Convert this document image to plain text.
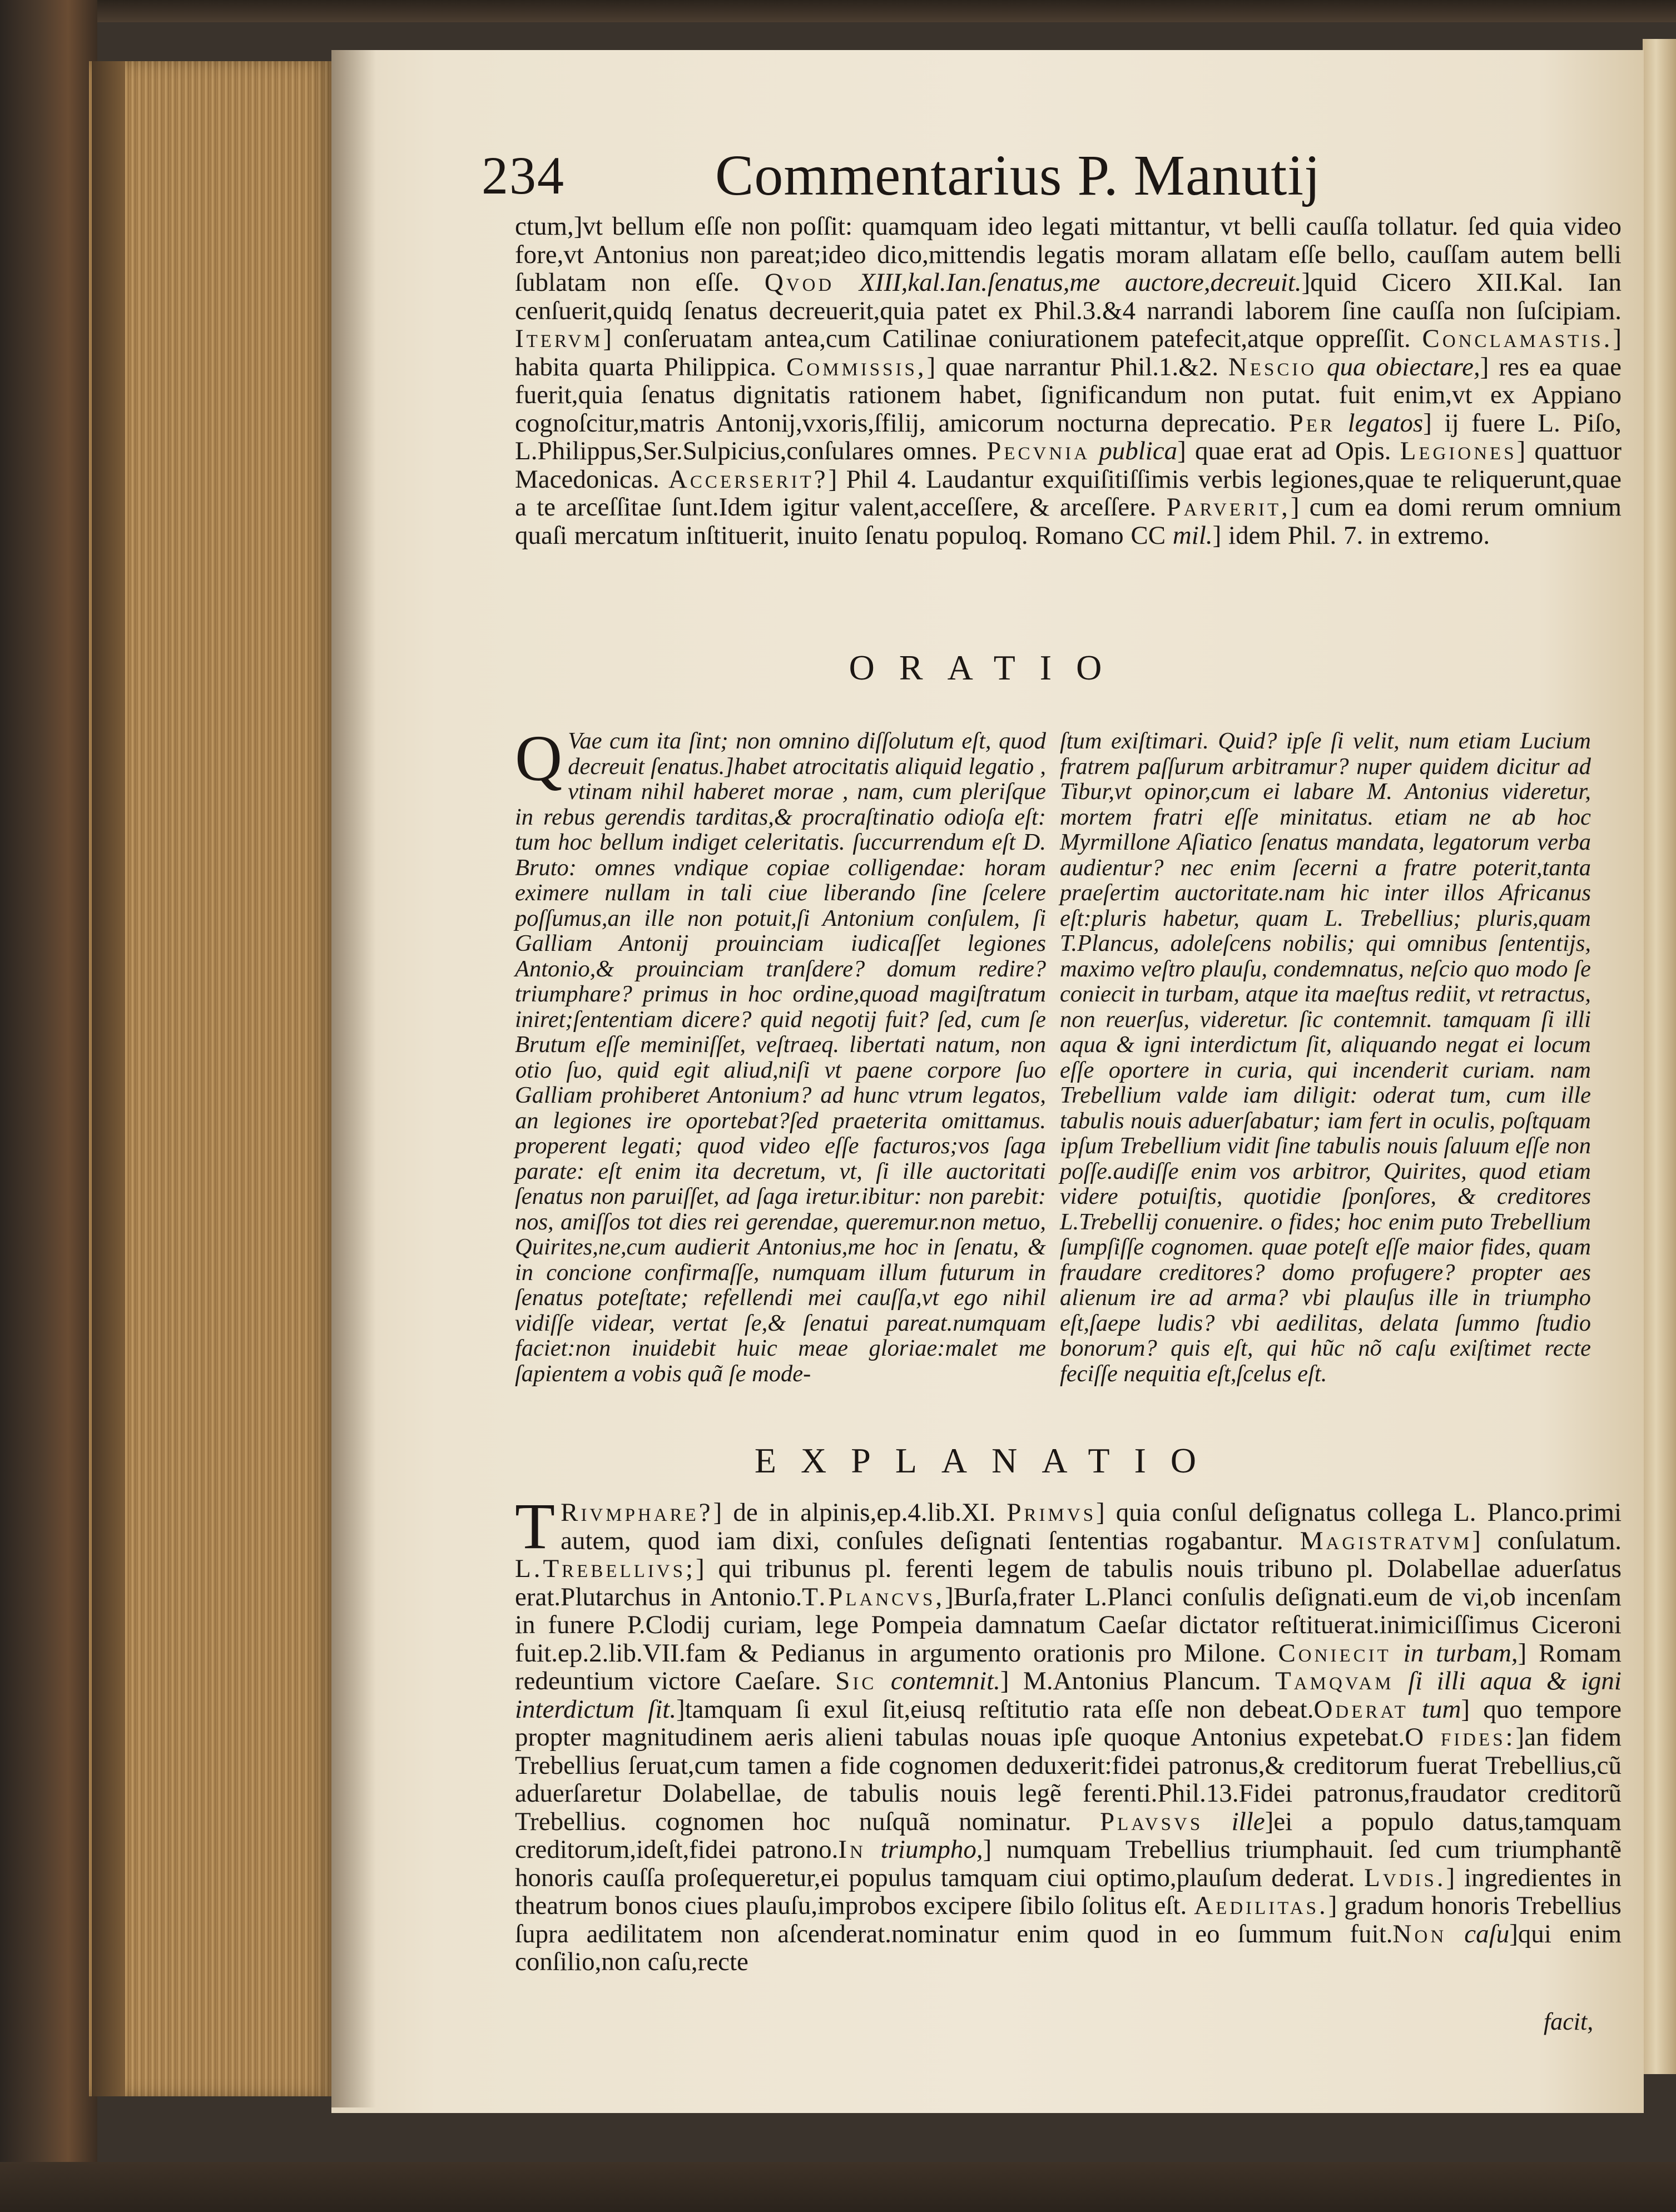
234	Commentarius P. Manutij
ctum,]vt bellum eſſe non poſſit: quamquam ideo legati mittantur, vt belli cauſſa tollatur. ſed quia video fore,vt Antonius non pareat;ideo dico,mittendis legatis moram allatam eſſe bello, cauſſam autem belli ſublatam non eſſe. Qvod XIII,kal.Ian.ſenatus,me auctore,decreuit.]quid Cicero XII.Kal. Ian cenſuerit,quidq ſenatus decreuerit,quia patet ex Phil.3.&4 narrandi laborem ſine cauſſa non ſuſcipiam. Itervm] conſeruatam antea,cum Catilinae coniurationem patefecit,atque oppreſſit. Conclamastis.] habita quarta Philippica. Commissis,] quae narrantur Phil.1.&2. Nescio qua obiectare,] res ea quae fuerit,quia ſenatus dignitatis rationem habet, ſignificandum non putat. fuit enim,vt ex Appiano cognoſcitur,matris Antonij,vxoris,ſfilij, amicorum nocturna deprecatio. Per legatos] ij fuere L. Piſo, L.Philippus,Ser.Sulpicius,conſulares omnes. Pecvnia publica] quae erat ad Opis. Legiones] quattuor Macedonicas. Accerserit?] Phil 4. Laudantur exquiſitiſſimis verbis legiones,quae te reliquerunt,quae a te arceſſitae ſunt.Idem igitur valent,acceſſere, & arceſſere. Parverit,] cum ea domi rerum omnium quaſi mercatum inſtituerit, inuito ſenatu populoq. Romano CC mil.] idem Phil. 7. in extremo.
ORATIO
Q Vae cum ita ſint; non omnino diſſolutum eſt, quod decreuit ſenatus.]habet atrocitatis aliquid legatio , vtinam nihil haberet morae , nam, cum pleriſque in rebus gerendis tarditas,& procraſtinatio odioſa eſt: tum hoc bellum indiget celeritatis. ſuccurrendum eſt D. Bruto: omnes vndique copiae colligendae: horam eximere nullam in tali ciue liberando ſine ſcelere poſſumus,an ille non potuit,ſi Antonium conſulem, ſi Galliam Antonij prouinciam iudicaſſet legiones Antonio,& prouinciam tranſdere? domum redire? triumphare? primus in hoc ordine,quoad magiſtratum iniret;ſententiam dicere? quid negotij fuit? ſed, cum ſe Brutum eſſe meminiſſet, veſtraeq. libertati natum, non otio ſuo, quid egit aliud,niſi vt paene corpore ſuo Galliam prohiberet Antonium? ad hunc vtrum legatos, an legiones ire oportebat?ſed praeterita omittamus. properent legati; quod video eſſe facturos;vos ſaga parate: eſt enim ita decretum, vt, ſi ille auctoritati ſenatus non paruiſſet, ad ſaga iretur.ibitur: non parebit: nos, amiſſos tot dies rei gerendae, queremur.non metuo, Quirites,ne,cum audierit Antonius,me hoc in ſenatu, & in concione confirmaſſe, numquam illum futurum in ſenatus poteſtate; refellendi mei cauſſa,vt ego nihil vidiſſe videar, vertat ſe,& ſenatui pareat.numquam faciet:non inuidebit huic meae gloriae:malet me ſapientem a vobis quã ſe mode-
ſtum exiſtimari. Quid? ipſe ſi velit, num etiam Lucium fratrem paſſurum arbitramur? nuper quidem dicitur ad Tibur,vt opinor,cum ei labare M. Antonius videretur, mortem fratri eſſe minitatus. etiam ne ab hoc Myrmillone Aſiatico ſenatus mandata, legatorum verba audientur? nec enim ſecerni a fratre poterit,tanta praeſertim auctoritate.nam hic inter illos Africanus eſt:pluris habetur, quam L. Trebellius; pluris,quam T.Plancus, adoleſcens nobilis; qui omnibus ſententijs, maximo veſtro plauſu, condemnatus, neſcio quo modo ſe coniecit in turbam, atque ita maeſtus rediit, vt retractus, non reuerſus, videretur. ſic contemnit. tamquam ſi illi aqua & igni interdictum ſit, aliquando negat ei locum eſſe oportere in curia, qui incenderit curiam. nam Trebellium valde iam diligit: oderat tum, cum ille tabulis nouis aduerſabatur; iam fert in oculis, poſtquam ipſum Trebellium vidit ſine tabulis nouis ſaluum eſſe non poſſe.audiſſe enim vos arbitror, Quirites, quod etiam videre potuiſtis, quotidie ſponſores, & creditores L.Trebellij conuenire. o fides; hoc enim puto Trebellium ſumpſiſſe cognomen. quae poteſt eſſe maior fides, quam fraudare creditores? domo profugere? propter aes alienum ire ad arma? vbi plauſus ille in triumpho eſt,ſaepe ludis? vbi aedilitas, delata ſummo ſtudio bonorum? quis eſt, qui hũc nõ caſu exiſtimet recte feciſſe nequitia eſt,ſcelus eſt.
EXPLANATIO
T Rivmphare?] de in alpinis,ep.4.lib.XI. Primvs] quia conſul deſignatus collega L. Planco.primi autem, quod iam dixi, conſules deſignati ſententias rogabantur. Magistratvm] conſulatum. L.Trebellivs;] qui tribunus pl. ferenti legem de tabulis nouis tribuno pl. Dolabellae aduerſatus erat.Plutarchus in Antonio.T.Plancvs,]Burſa,frater L.Planci conſulis deſignati.eum de vi,ob incenſam in funere P.Clodij curiam, lege Pompeia damnatum Caeſar dictator reſtituerat.inimiciſſimus Ciceroni fuit.ep.2.lib.VII.fam & Pedianus in argumento orationis pro Milone. Coniecit in turbam,] Romam redeuntium victore Caeſare. Sic contemnit.] M.Antonius Plancum. Tamqvam ſi illi aqua & igni interdictum ſit.]tamquam ſi exul ſit,eiusq reſtitutio rata eſſe non debeat.Oderat tum] quo tempore propter magnitudinem aeris alieni tabulas nouas ipſe quoque Antonius expetebat.O fides:]an fidem Trebellius ſeruat,cum tamen a fide cognomen deduxerit:fidei patronus,& creditorum fuerat Trebellius,cũ aduerſaretur Dolabellae, de tabulis nouis legẽ ferenti.Phil.13.Fidei patronus,fraudator creditorũ Trebellius. cognomen hoc nuſquã nominatur. Plavsvs ille]ei a populo datus,tamquam creditorum,ideſt,fidei patrono.In triumpho,] numquam Trebellius triumphauit. ſed cum triumphantẽ honoris cauſſa proſequeretur,ei populus tamquam ciui optimo,plauſum dederat. Lvdis.] ingredientes in theatrum bonos ciues plauſu,improbos excipere ſibilo ſolitus eſt. Aedilitas.] gradum honoris Trebellius ſupra aedilitatem non aſcenderat.nominatur enim quod in eo ſummum fuit.Non caſu]qui enim conſilio,non caſu,recte
facit,
